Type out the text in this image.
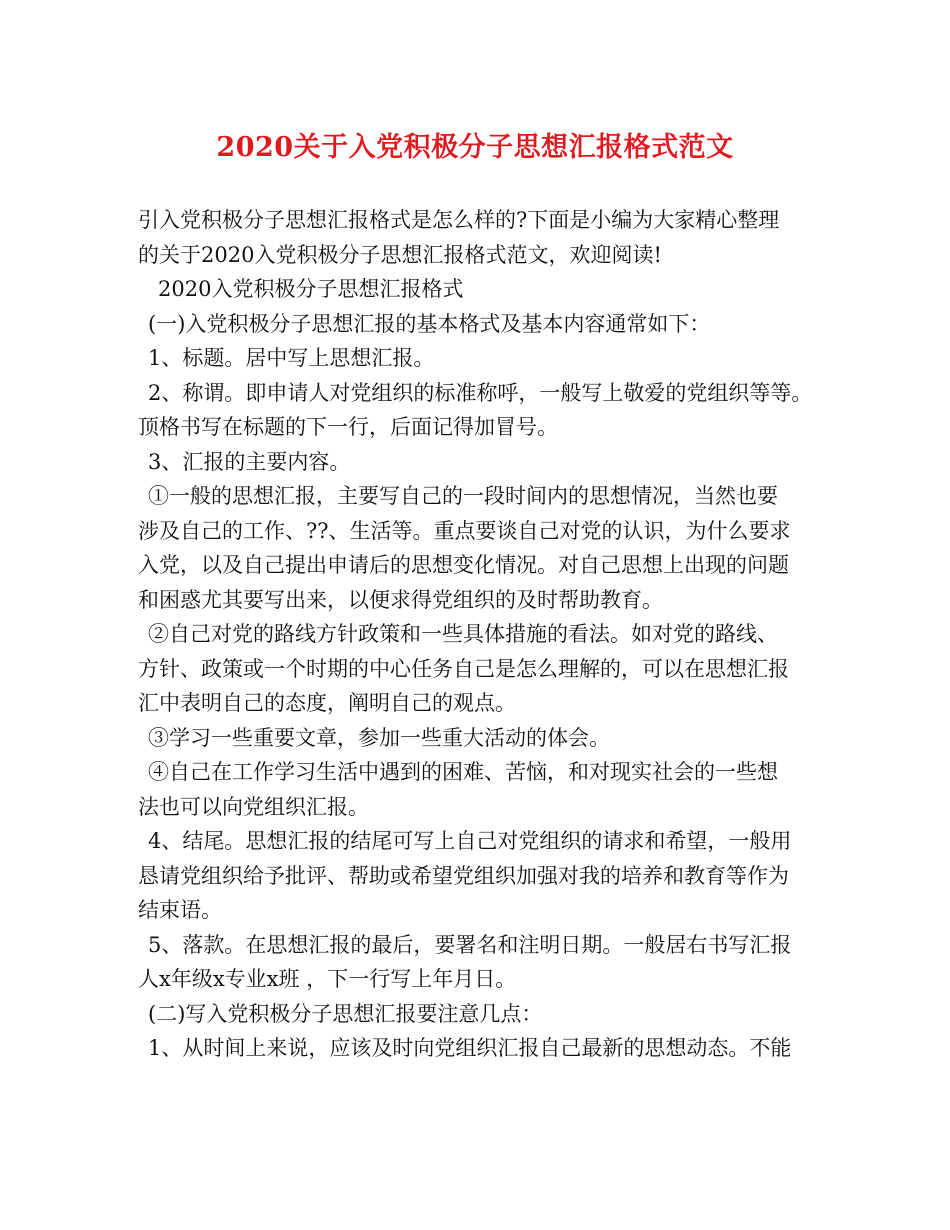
2020关于入党积极分子思想汇报格式范文
引入党积极分子思想汇报格式是怎么样的?下面是小编为大家精心整理
的关于2020入党积极分子思想汇报格式范文，欢迎阅读!
2020入党积极分子思想汇报格式
(一)入党积极分子思想汇报的基本格式及基本内容通常如下：
1、标题。居中写上思想汇报。
2、称谓。即申请人对党组织的标准称呼，一般写上敬爱的党组织等等。
顶格书写在标题的下一行，后面记得加冒号。
3、汇报的主要内容。
①一般的思想汇报，主要写自己的一段时间内的思想情况，当然也要
涉及自己的工作、??、生活等。重点要谈自己对党的认识，为什么要求
入党，以及自己提出申请后的思想变化情况。对自己思想上出现的问题
和困惑尤其要写出来，以便求得党组织的及时帮助教育。
②自己对党的路线方针政策和一些具体措施的看法。如对党的路线、
方针、政策或一个时期的中心任务自己是怎么理解的，可以在思想汇报
汇中表明自己的态度，阐明自己的观点。
③学习一些重要文章，参加一些重大活动的体会。
④自己在工作学习生活中遇到的困难、苦恼，和对现实社会的一些想
法也可以向党组织汇报。
4、结尾。思想汇报的结尾可写上自己对党组织的请求和希望，一般用
恳请党组织给予批评、帮助或希望党组织加强对我的培养和教育等作为
结束语。
5、落款。在思想汇报的最后，要署名和注明日期。一般居右书写汇报
人x年级x专业x班 ，下一行写上年月日。
(二)写入党积极分子思想汇报要注意几点：
1、从时间上来说，应该及时向党组织汇报自己最新的思想动态。不能
